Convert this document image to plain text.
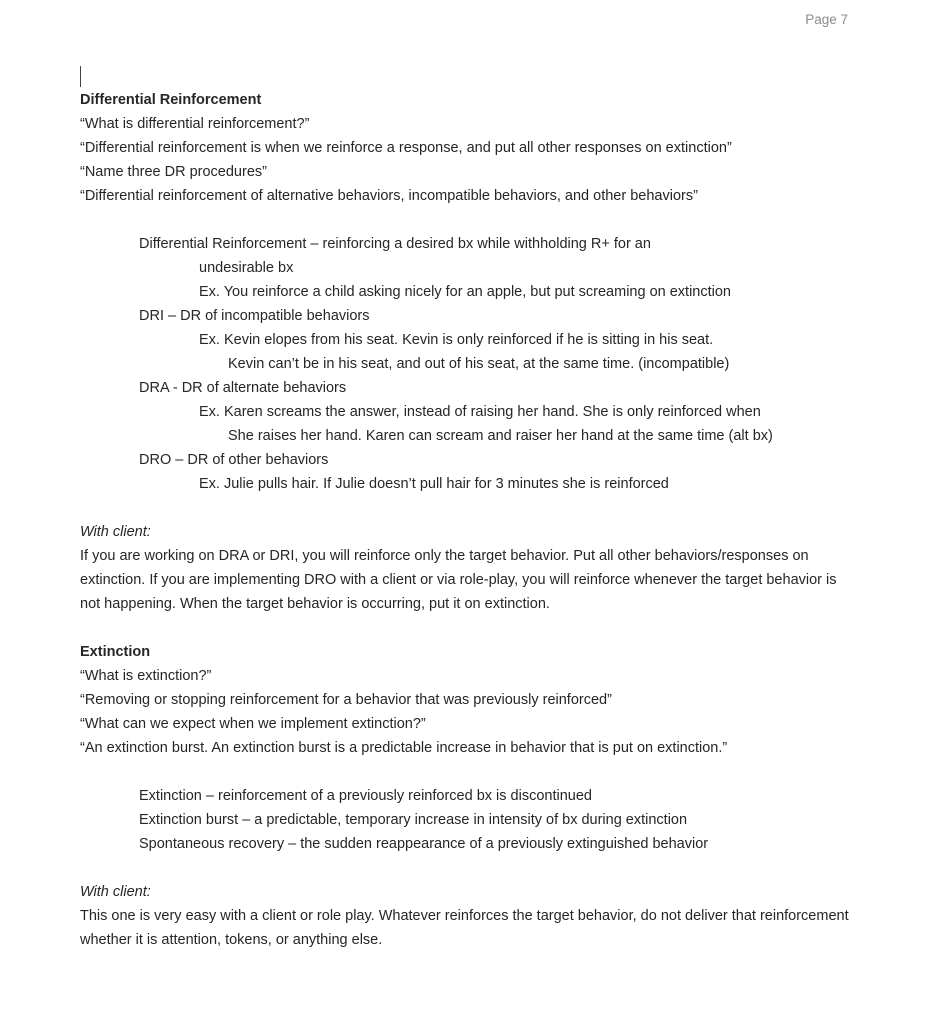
Page 7
Differential Reinforcement
“What is differential reinforcement?”
“Differential reinforcement is when we reinforce a response, and put all other responses on extinction”
“Name three DR procedures”
“Differential reinforcement of alternative behaviors, incompatible behaviors, and other behaviors”
Differential Reinforcement – reinforcing a desired bx while withholding R+ for an
undesirable bx
Ex. You reinforce a child asking nicely for an apple, but put screaming on extinction
DRI – DR of incompatible behaviors
Ex. Kevin elopes from his seat. Kevin is only reinforced if he is sitting in his seat.
Kevin can’t be in his seat, and out of his seat, at the same time. (incompatible)
DRA - DR of alternate behaviors
Ex. Karen screams the answer, instead of raising her hand. She is only reinforced when
She raises her hand. Karen can scream and raiser her hand at the same time (alt bx)
DRO – DR of other behaviors
Ex. Julie pulls hair. If Julie doesn’t pull hair for 3 minutes she is reinforced
With client:

If you are working on DRA or DRI, you will reinforce only the target behavior. Put all other behaviors/responses on extinction. If you are implementing DRO with a client or via role-play, you will reinforce whenever the target behavior is not happening. When the target behavior is occurring, put it on extinction.

Extinction
“What is extinction?”
“Removing or stopping reinforcement for a behavior that was previously reinforced”
“What can we expect when we implement extinction?”
“An extinction burst. An extinction burst is a predictable increase in behavior that is put on extinction.”
Extinction – reinforcement of a previously reinforced bx is discontinued
Extinction burst – a predictable, temporary increase in intensity of bx during extinction
Spontaneous recovery – the sudden reappearance of a previously extinguished behavior
With client:

This one is very easy with a client or role play. Whatever reinforces the target behavior, do not deliver that reinforcement whether it is attention, tokens, or anything else.
